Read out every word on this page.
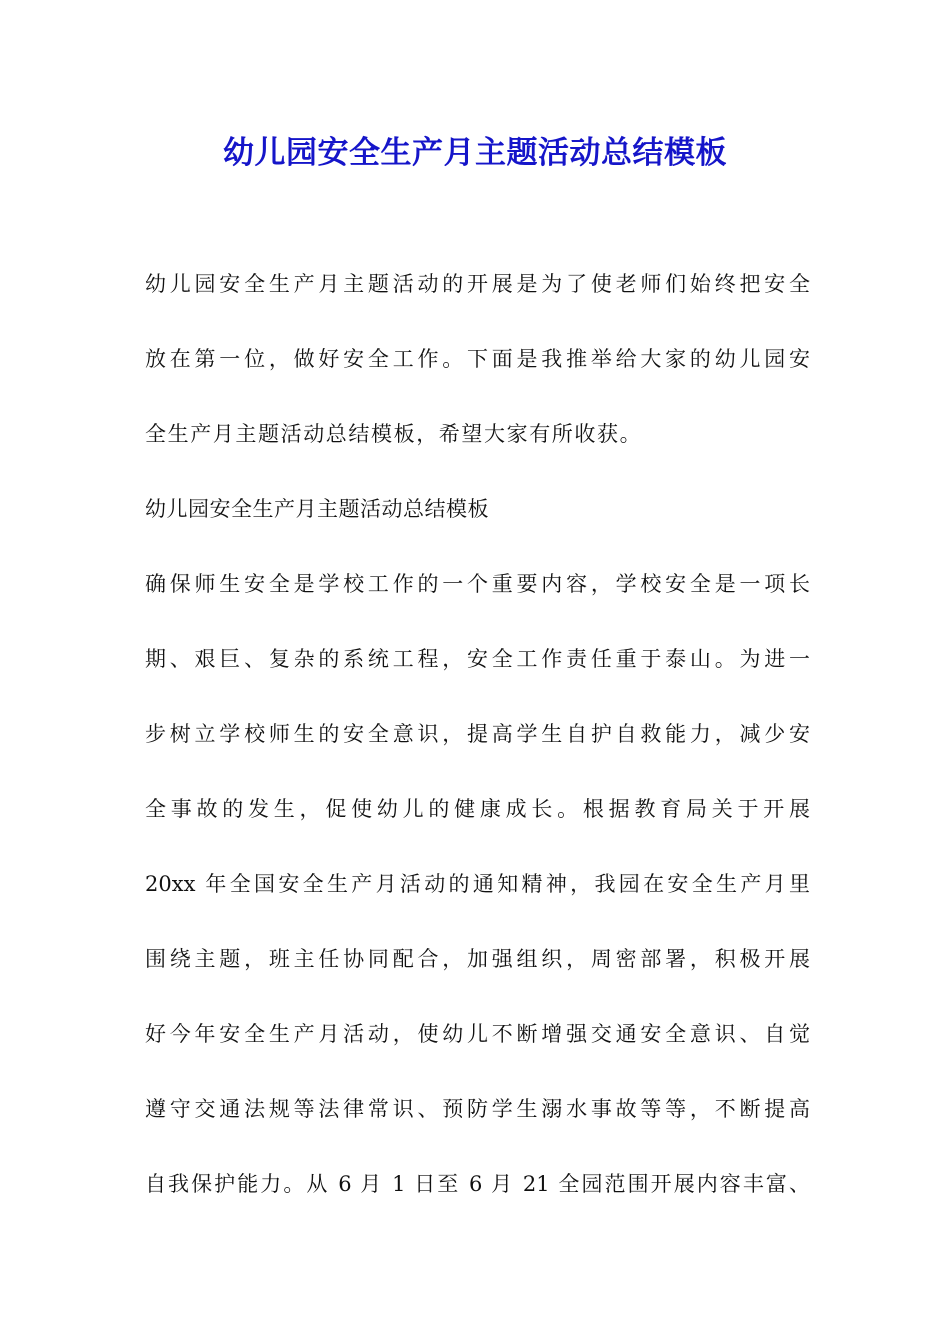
幼儿园安全生产月主题活动总结模板

幼儿园安全生产月主题活动的开展是为了使老师们始终把安全

放在第一位，做好安全工作。下面是我推举给大家的幼儿园安

全生产月主题活动总结模板，希望大家有所收获。

幼儿园安全生产月主题活动总结模板

确保师生安全是学校工作的一个重要内容，学校安全是一项长

期、艰巨、复杂的系统工程，安全工作责任重于泰山。为进一

步树立学校师生的安全意识，提高学生自护自救能力，减少安

全事故的发生，促使幼儿的健康成长。根据教育局关于开展

20xx 年全国安全生产月活动的通知精神，我园在安全生产月里

围绕主题，班主任协同配合，加强组织，周密部署，积极开展

好今年安全生产月活动，使幼儿不断增强交通安全意识、自觉

遵守交通法规等法律常识、预防学生溺水事故等等，不断提高

自我保护能力。从 6 月 1 日至 6 月 21 全园范围开展内容丰富、
